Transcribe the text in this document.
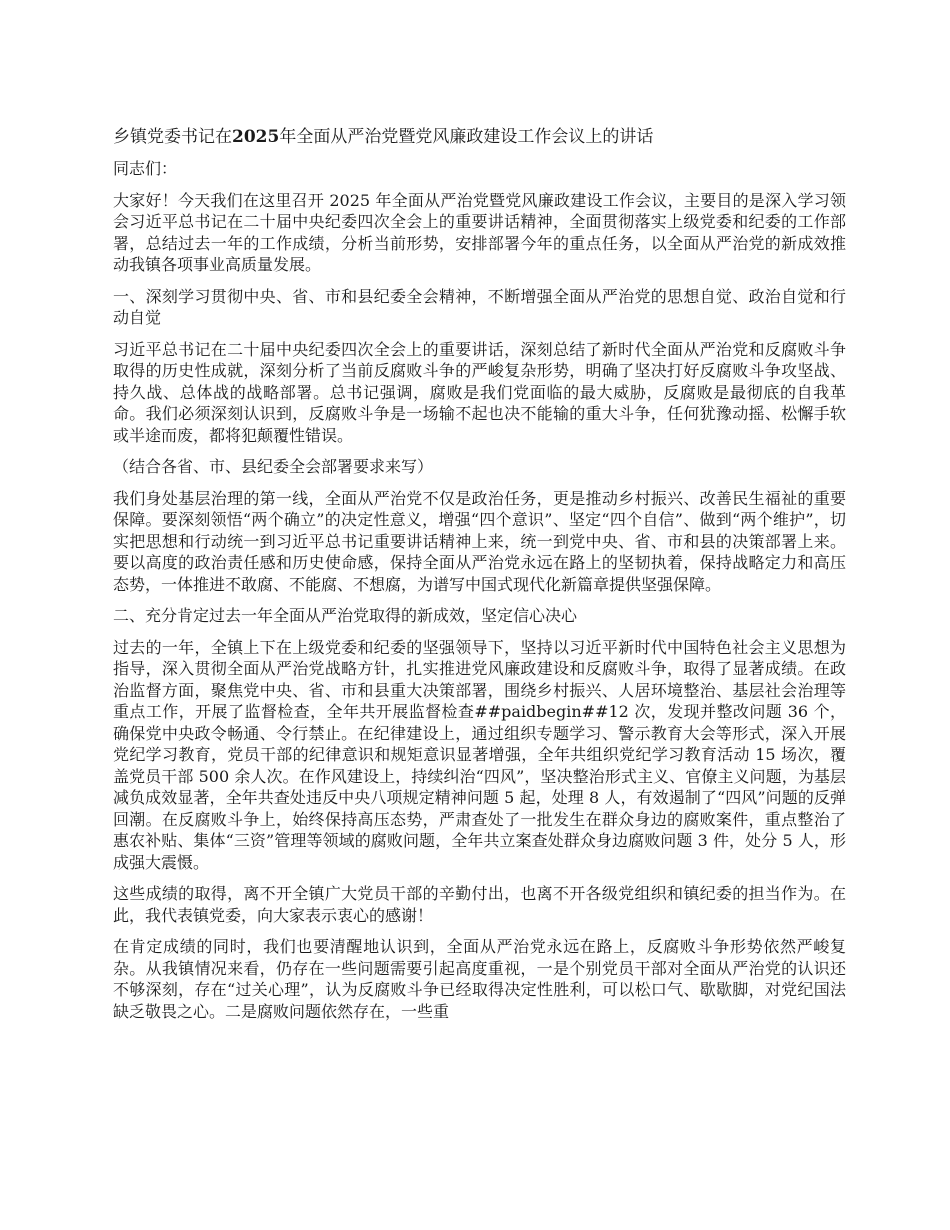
乡镇党委书记在2025年全面从严治党暨党风廉政建设工作会议上的讲话

同志们：

大家好！今天我们在这里召开 2025 年全面从严治党暨党风廉政建设工作会议，主要目的是深入学习领会习近平总书记在二十届中央纪委四次全会上的重要讲话精神，全面贯彻落实上级党委和纪委的工作部署，总结过去一年的工作成绩，分析当前形势，安排部署今年的重点任务，以全面从严治党的新成效推动我镇各项事业高质量发展。

一、深刻学习贯彻中央、省、市和县纪委全会精神，不断增强全面从严治党的思想自觉、政治自觉和行动自觉

习近平总书记在二十届中央纪委四次全会上的重要讲话，深刻总结了新时代全面从严治党和反腐败斗争取得的历史性成就，深刻分析了当前反腐败斗争的严峻复杂形势，明确了坚决打好反腐败斗争攻坚战、持久战、总体战的战略部署。总书记强调，腐败是我们党面临的最大威胁，反腐败是最彻底的自我革命。我们必须深刻认识到，反腐败斗争是一场输不起也决不能输的重大斗争，任何犹豫动摇、松懈手软或半途而废，都将犯颠覆性错误。

（结合各省、市、县纪委全会部署要求来写）

我们身处基层治理的第一线，全面从严治党不仅是政治任务，更是推动乡村振兴、改善民生福祉的重要保障。要深刻领悟“两个确立”的决定性意义，增强“四个意识”、坚定“四个自信”、做到“两个维护”，切实把思想和行动统一到习近平总书记重要讲话精神上来，统一到党中央、省、市和县的决策部署上来。要以高度的政治责任感和历史使命感，保持全面从严治党永远在路上的坚韧执着，保持战略定力和高压态势，一体推进不敢腐、不能腐、不想腐，为谱写中国式现代化新篇章提供坚强保障。

二、充分肯定过去一年全面从严治党取得的新成效，坚定信心决心

过去的一年，全镇上下在上级党委和纪委的坚强领导下，坚持以习近平新时代中国特色社会主义思想为指导，深入贯彻全面从严治党战略方针，扎实推进党风廉政建设和反腐败斗争，取得了显著成绩。在政治监督方面，聚焦党中央、省、市和县重大决策部署，围绕乡村振兴、人居环境整治、基层社会治理等重点工作，开展了监督检查，全年共开展监督检查##paidbegin##12 次，发现并整改问题 36 个，确保党中央政令畅通、令行禁止。在纪律建设上，通过组织专题学习、警示教育大会等形式，深入开展党纪学习教育，党员干部的纪律意识和规矩意识显著增强，全年共组织党纪学习教育活动 15 场次，覆盖党员干部 500 余人次。在作风建设上，持续纠治“四风”，坚决整治形式主义、官僚主义问题，为基层减负成效显著，全年共查处违反中央八项规定精神问题 5 起，处理 8 人，有效遏制了“四风”问题的反弹回潮。在反腐败斗争上，始终保持高压态势，严肃查处了一批发生在群众身边的腐败案件，重点整治了惠农补贴、集体“三资”管理等领域的腐败问题，全年共立案查处群众身边腐败问题 3 件，处分 5 人，形成强大震慑。

这些成绩的取得，离不开全镇广大党员干部的辛勤付出，也离不开各级党组织和镇纪委的担当作为。在此，我代表镇党委，向大家表示衷心的感谢！

在肯定成绩的同时，我们也要清醒地认识到，全面从严治党永远在路上，反腐败斗争形势依然严峻复杂。从我镇情况来看，仍存在一些问题需要引起高度重视，一是个别党员干部对全面从严治党的认识还不够深刻，存在“过关心理”，认为反腐败斗争已经取得决定性胜利，可以松口气、歇歇脚，对党纪国法缺乏敬畏之心。二是腐败问题依然存在，一些重
